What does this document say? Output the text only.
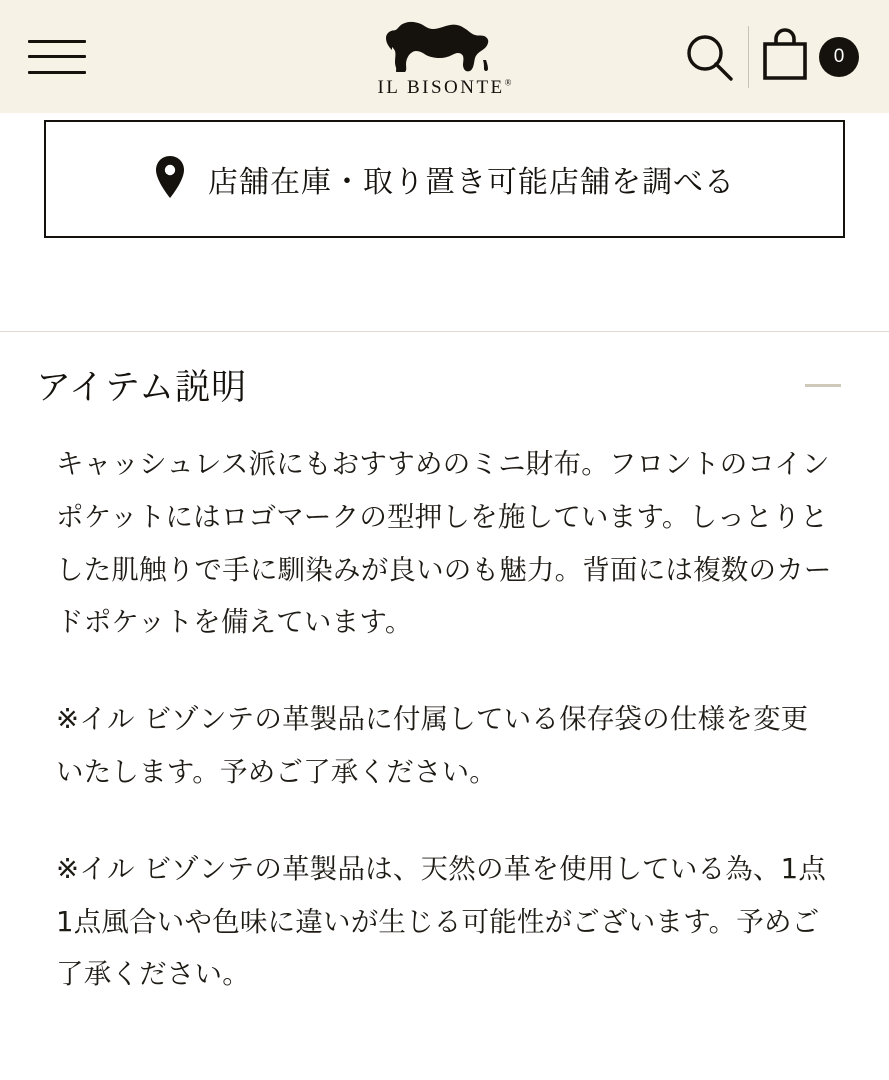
IL BISONTE®
0
店舗在庫・取り置き可能店舗を調べる
アイテム説明

キャッシュレス派にもおすすめのミニ財布。フロントのコインポケットにはロゴマークの型押しを施しています。しっとりとした肌触りで手に馴染みが良いのも魅力。背面には複数のカードポケットを備えています。

※イル ビゾンテの革製品に付属している保存袋の仕様を変更いたします。予めご了承ください。

※イル ビゾンテの革製品は、天然の革を使用している為、1点1点風合いや色味に違いが生じる可能性がございます。予めご了承ください。
